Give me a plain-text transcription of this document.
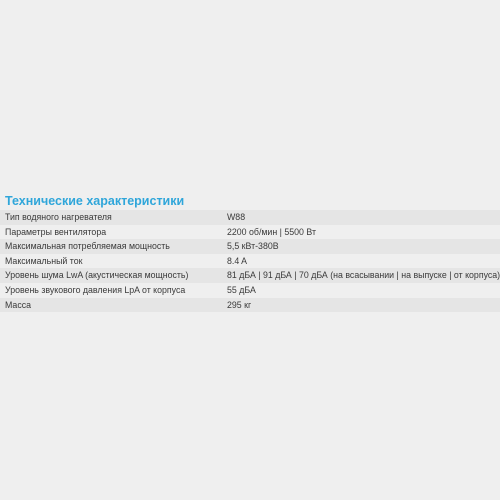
Технические характеристики
Тип водяного нагревателя	W88
Параметры вентилятора	2200 об/мин | 5500 Вт
Максимальная потребляемая мощность	5,5 кВт-380В
Максимальный ток	8.4 A
Уровень шума LwA (акустическая мощность)	81 дБА | 91 дБА | 70 дБА (на всасывании | на выпуске | от корпуса)
Уровень звукового давления LpA от корпуса	55 дБА
Масса	295 кг
